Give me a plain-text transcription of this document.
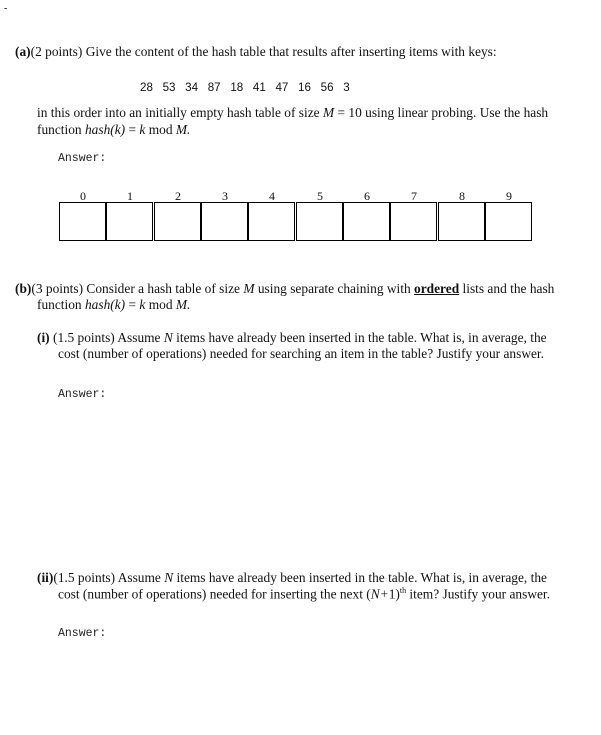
-
(a)(2 points) Give the content of the hash table that results after inserting items with keys:
28 53 34 87 18 41 47 16 56 3
in this order into an initially empty hash table of size M = 10 using linear probing. Use the hash
function hash(k) = k mod M.
Answer:
0	1	2	3	4	5	6	7	8	9
(b)(3 points) Consider a hash table of size M using separate chaining with ordered lists and the hash
function hash(k) = k mod M.
(i) (1.5 points) Assume N items have already been inserted in the table. What is, in average, the
cost (number of operations) needed for searching an item in the table? Justify your answer.
Answer:
(ii)(1.5 points) Assume N items have already been inserted in the table. What is, in average, the
cost (number of operations) needed for inserting the next $(N+1)^{th}$ item? Justify your answer.
Answer:
